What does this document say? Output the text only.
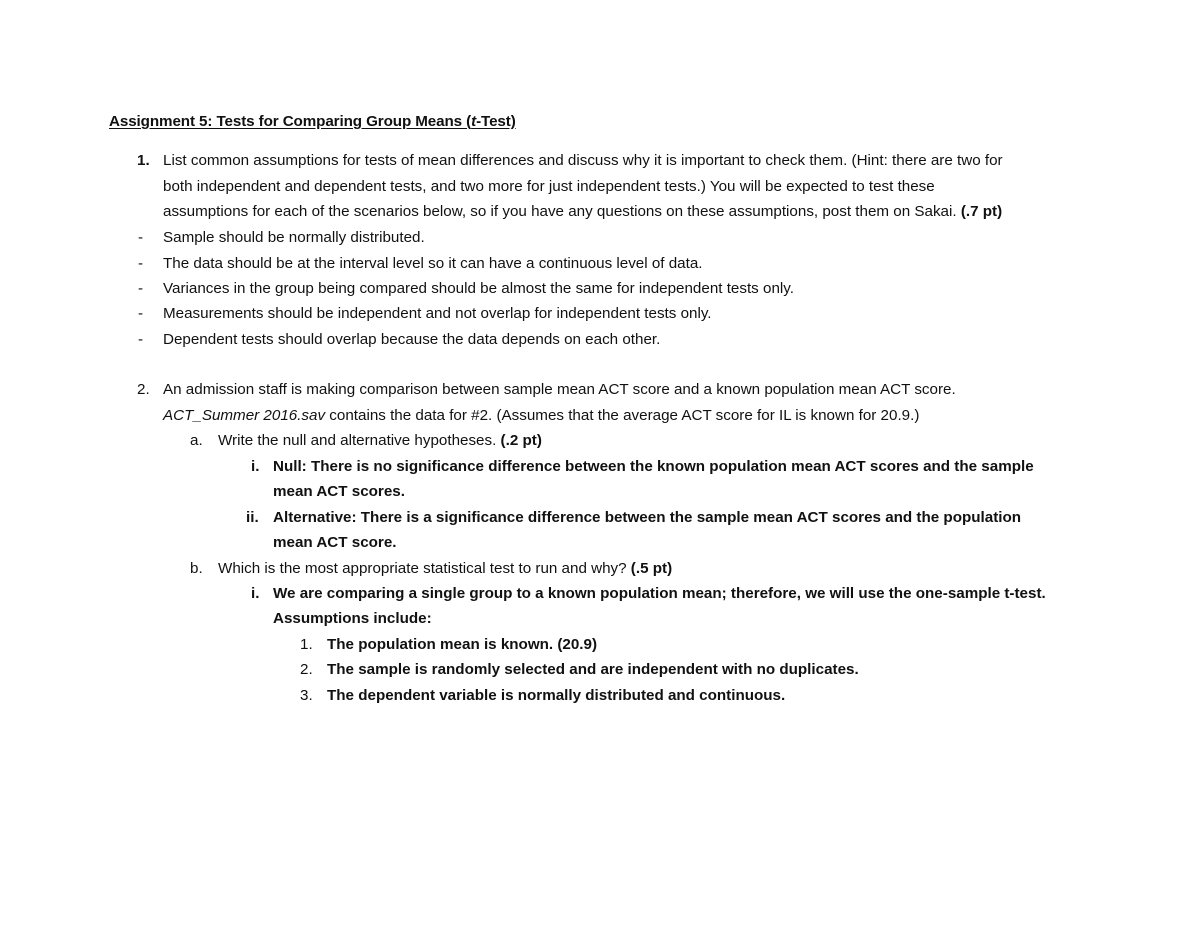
Assignment 5: Tests for Comparing Group Means (t-Test)
1. List common assumptions for tests of mean differences and discuss why it is important to check them. (Hint: there are two for
both independent and dependent tests, and two more for just independent tests.) You will be expected to test these
assumptions for each of the scenarios below, so if you have any questions on these assumptions, post them on Sakai. (.7 pt)
- Sample should be normally distributed.
- The data should be at the interval level so it can have a continuous level of data.
- Variances in the group being compared should be almost the same for independent tests only.
- Measurements should be independent and not overlap for independent tests only.
- Dependent tests should overlap because the data depends on each other.
2. An admission staff is making comparison between sample mean ACT score and a known population mean ACT score.
ACT_Summer 2016.sav contains the data for #2. (Assumes that the average ACT score for IL is known for 20.9.)
a. Write the null and alternative hypotheses. (.2 pt)
i. Null: There is no significance difference between the known population mean ACT scores and the sample
mean ACT scores.
ii. Alternative: There is a significance difference between the sample mean ACT scores and the population
mean ACT score.
b. Which is the most appropriate statistical test to run and why? (.5 pt)
i. We are comparing a single group to a known population mean; therefore, we will use the one-sample t-test.
Assumptions include:
1. The population mean is known. (20.9)
2. The sample is randomly selected and are independent with no duplicates.
3. The dependent variable is normally distributed and continuous.
